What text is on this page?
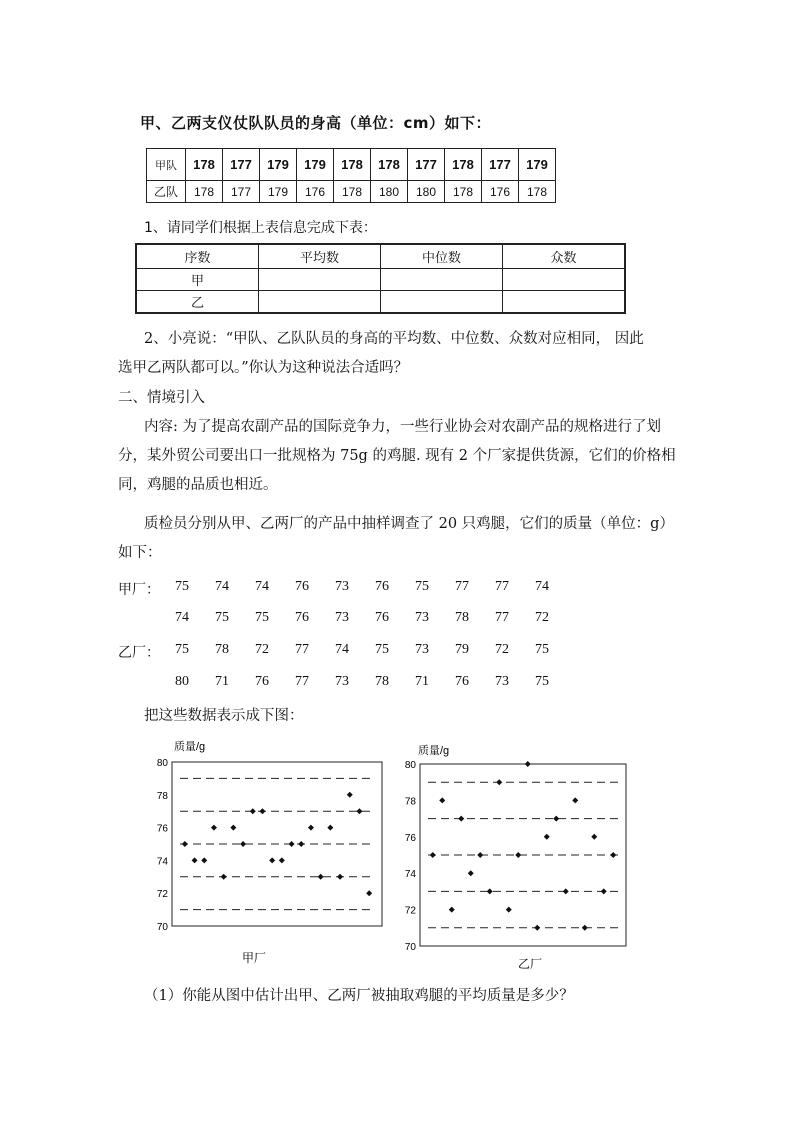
甲、乙两支仪仗队队员的身高（单位：cm）如下：
甲队	178	177	179	179	178	178	177	178	177	179
乙队	178	177	179	176	178	180	180	178	176	178
1、请同学们根据上表信息完成下表：
序数	平均数	中位数	众数
甲			
乙			
2、小亮说：“甲队、乙队队员的身高的平均数、中位数、众数对应相同， 因此
选甲乙两队都可以。”你认为这种说法合适吗？
二、情境引入
内容: 为了提高农副产品的国际竞争力，一些行业协会对农副产品的规格进行了划
分，某外贸公司要出口一批规格为 75g 的鸡腿. 现有 2 个厂家提供货源，它们的价格相
同，鸡腿的品质也相近。
质检员分别从甲、乙两厂的产品中抽样调查了 20 只鸡腿，它们的质量（单位：g）
如下：
甲厂： 75	74	74	76	73	76	75	77	77	74
74	75	75	76	73	76	73	78	77	72
乙厂： 75	78	72	77	74	75	73	79	72	75
80	71	76	77	73	78	71	76	73	75
把这些数据表示成下图：
质量/g
甲厂
70
72
74
76
78
80
质量/g
乙厂
70
72
74
76
78
80
（1）你能从图中估计出甲、乙两厂被抽取鸡腿的平均质量是多少？
